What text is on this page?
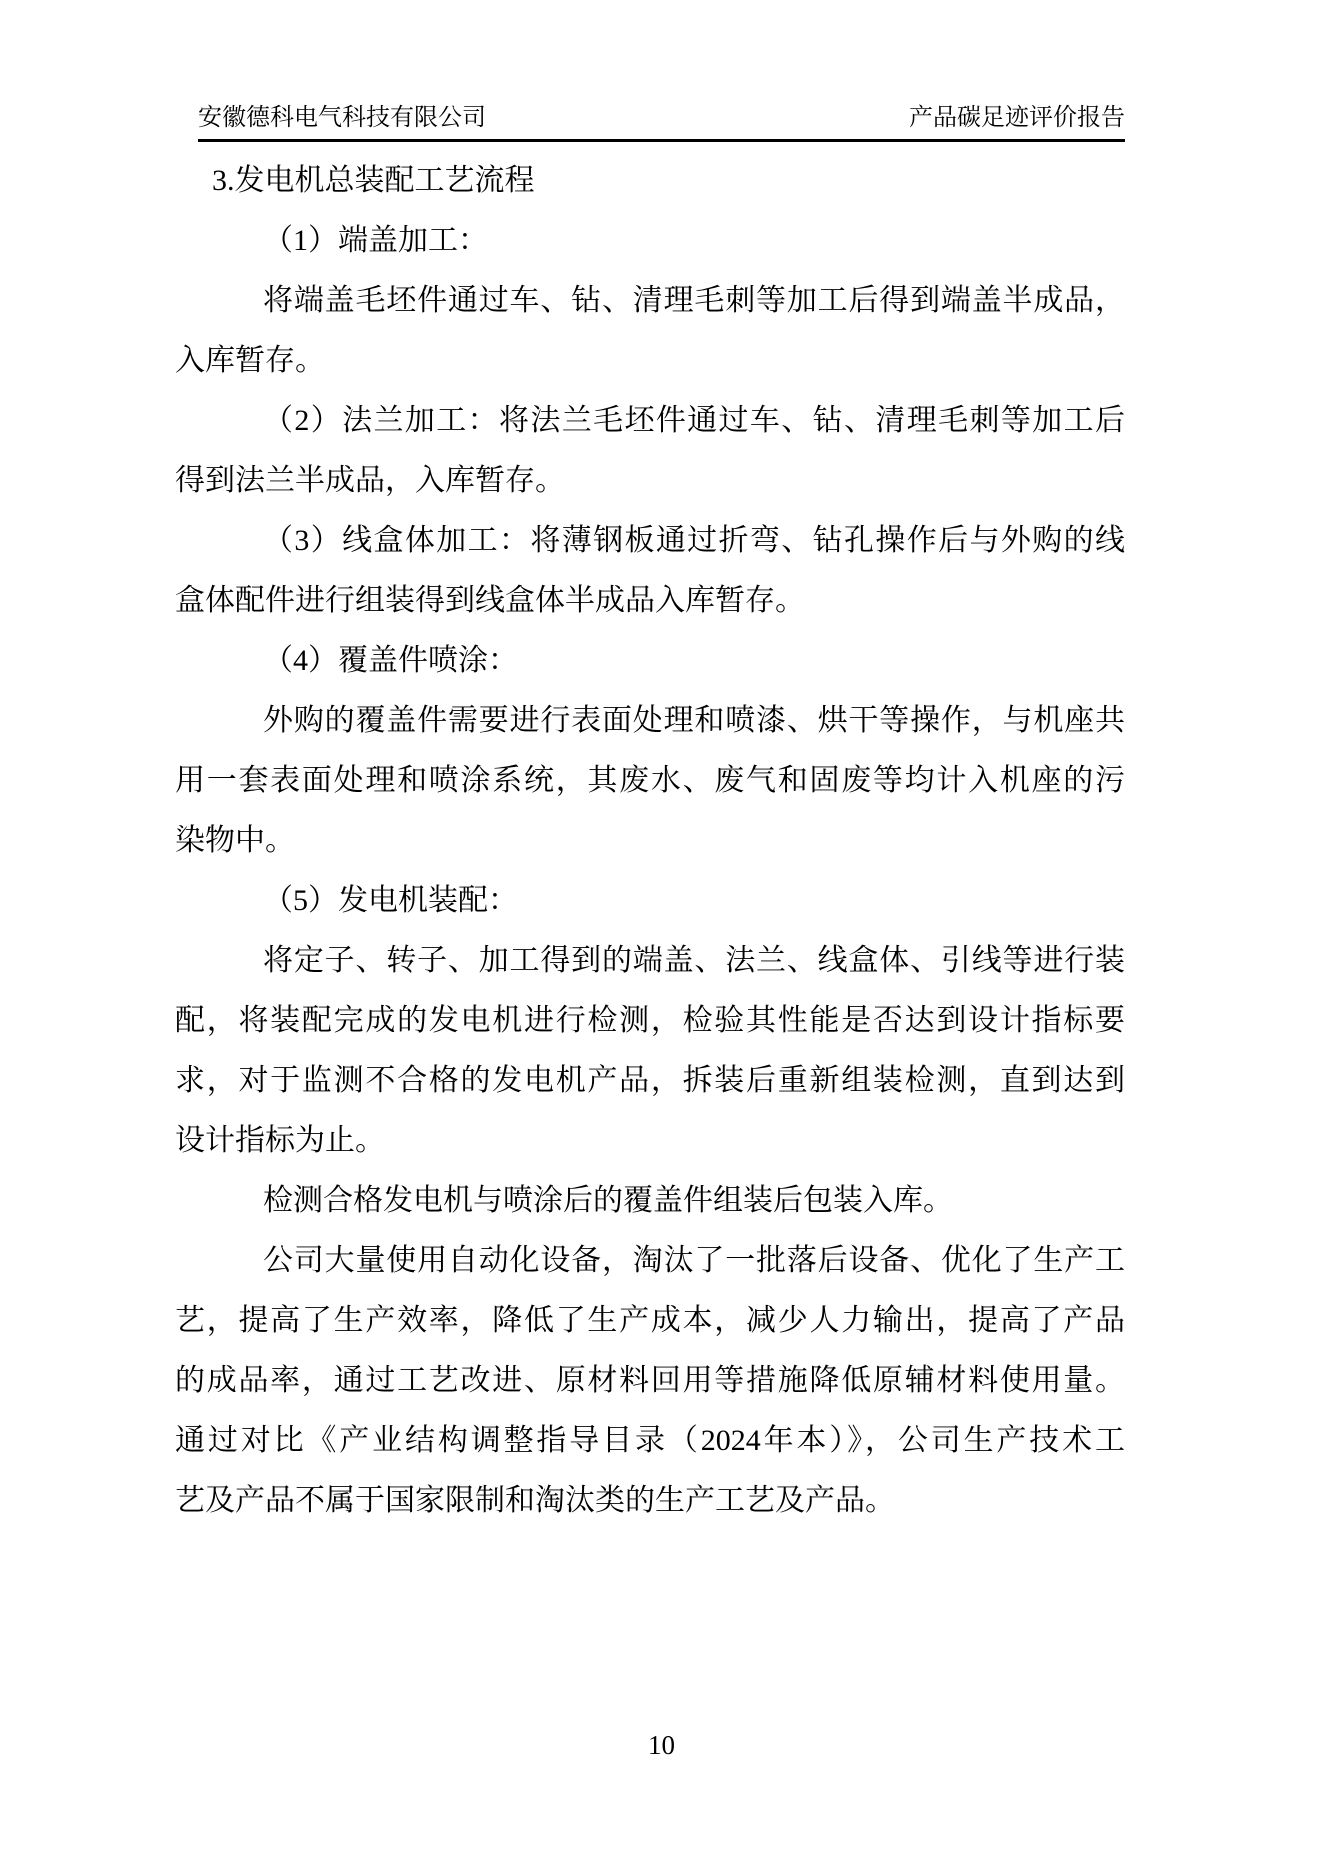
安徽德科电气科技有限公司	产品碳足迹评价报告
3.发电机总装配工艺流程
（1）端盖加工：
将端盖毛坯件通过车、钻、清理毛刺等加工后得到端盖半成品，
入库暂存。
（2）法兰加工：将法兰毛坯件通过车、钻、清理毛刺等加工后
得到法兰半成品，入库暂存。
（3）线盒体加工：将薄钢板通过折弯、钻孔操作后与外购的线
盒体配件进行组装得到线盒体半成品入库暂存。
（4）覆盖件喷涂：
外购的覆盖件需要进行表面处理和喷漆、烘干等操作，与机座共
用一套表面处理和喷涂系统，其废水、废气和固废等均计入机座的污
染物中。
（5）发电机装配：
将定子、转子、加工得到的端盖、法兰、线盒体、引线等进行装
配，将装配完成的发电机进行检测，检验其性能是否达到设计指标要
求，对于监测不合格的发电机产品，拆装后重新组装检测，直到达到
设计指标为止。
检测合格发电机与喷涂后的覆盖件组装后包装入库。
公司大量使用自动化设备，淘汰了一批落后设备、优化了生产工
艺，提高了生产效率，降低了生产成本，减少人力输出，提高了产品
的成品率，通过工艺改进、原材料回用等措施降低原辅材料使用量。
通过对比《产业结构调整指导目录（2024年本）》，公司生产技术工
艺及产品不属于国家限制和淘汰类的生产工艺及产品。
10
